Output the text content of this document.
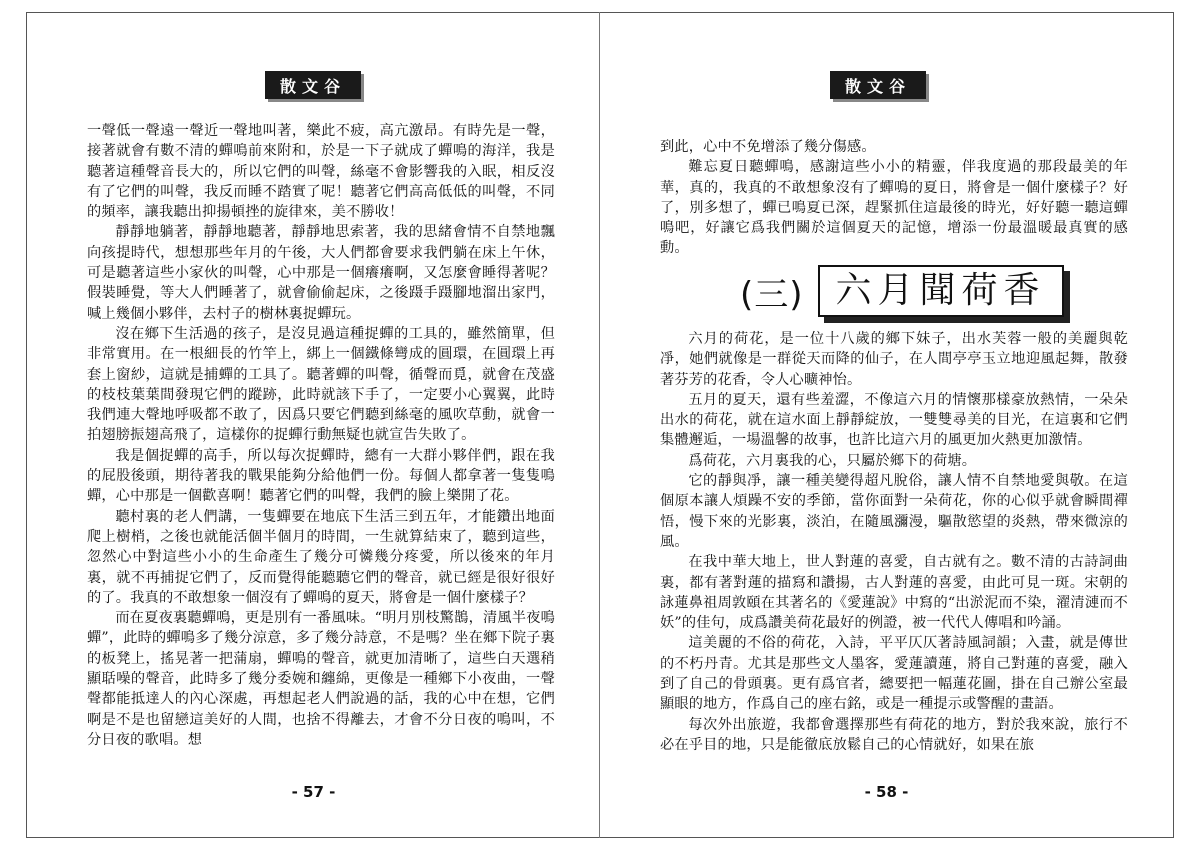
散文谷

一聲低一聲遠一聲近一聲地叫著，樂此不疲，高亢激昂。有時先是一聲，接著就會有數不清的蟬鳴前來附和，於是一下子就成了蟬鳴的海洋，我是聽著這種聲音長大的，所以它們的叫聲，絲毫不會影響我的入眠，相反沒有了它們的叫聲，我反而睡不踏實了呢！聽著它們高高低低的叫聲，不同的頻率，讓我聽出抑揚頓挫的旋律來，美不勝收！

靜靜地躺著，靜靜地聽著，靜靜地思索著，我的思緒會情不自禁地飄向孩提時代，想想那些年月的午後，大人們都會要求我們躺在床上午休，可是聽著這些小家伙的叫聲，心中那是一個癢癢啊，又怎麼會睡得著呢？假裝睡覺，等大人們睡著了，就會偷偷起床，之後蹑手蹑腳地溜出家門，喊上幾個小夥伴，去村子的樹林裏捉蟬玩。

沒在鄉下生活過的孩子，是沒見過這種捉蟬的工具的，雖然簡單，但非常實用。在一根細長的竹竿上，綁上一個鐵條彎成的圓環，在圓環上再套上窗紗，這就是捕蟬的工具了。聽著蟬的叫聲，循聲而覓，就會在茂盛的枝枝葉葉間發現它們的蹤跡，此時就該下手了，一定要小心翼翼，此時我們連大聲地呼吸都不敢了，因爲只要它們聽到絲毫的風吹草動，就會一拍翅膀振翅高飛了，這樣你的捉蟬行動無疑也就宣告失敗了。

我是個捉蟬的高手，所以每次捉蟬時，總有一大群小夥伴們，跟在我的屁股後頭，期待著我的戰果能夠分給他們一份。每個人都拿著一隻隻鳴蟬，心中那是一個歡喜啊！聽著它們的叫聲，我們的臉上樂開了花。

聽村裏的老人們講，一隻蟬要在地底下生活三到五年，才能鑽出地面爬上樹梢，之後也就能活個半個月的時間，一生就算結束了，聽到這些，忽然心中對這些小小的生命產生了幾分可憐幾分疼愛，所以後來的年月裏，就不再捕捉它們了，反而覺得能聽聽它們的聲音，就已經是很好很好的了。我真的不敢想象一個沒有了蟬鳴的夏天，將會是一個什麼樣子？

而在夏夜裏聽蟬鳴，更是別有一番風味。“明月別枝驚鵲，清風半夜鳴蟬”，此時的蟬鳴多了幾分涼意，多了幾分詩意，不是嗎？坐在鄉下院子裏的板凳上，搖晃著一把蒲扇，蟬鳴的聲音，就更加清晰了，這些白天選稍顯聒噪的聲音，此時多了幾分委婉和纏綿，更像是一種鄉下小夜曲，一聲聲都能抵達人的內心深處，再想起老人們說過的話，我的心中在想，它們啊是不是也留戀這美好的人間，也捨不得離去，才會不分日夜的鳴叫，不分日夜的歌唱。想

- 57 -
散文谷

到此，心中不免增添了幾分傷感。

難忘夏日聽蟬鳴，感謝這些小小的精靈，伴我度過的那段最美的年華，真的，我真的不敢想象沒有了蟬鳴的夏日，將會是一個什麼樣子？好了，別多想了，蟬已鳴夏已深，趕緊抓住這最後的時光，好好聽一聽這蟬鳴吧，好讓它爲我們關於這個夏天的記憶，增添一份最溫暖最真實的感動。

(三) 六月聞荷香

六月的荷花，是一位十八歲的鄉下妹子，出水芙蓉一般的美麗與乾凈，她們就像是一群從天而降的仙子，在人間亭亭玉立地迎風起舞，散發著芬芳的花香，令人心曠神怡。

五月的夏天，還有些羞澀，不像這六月的情懷那樣豪放熱情，一朵朵出水的荷花，就在這水面上靜靜綻放，一雙雙尋美的目光，在這裏和它們集體邂逅，一場溫馨的故事，也許比這六月的風更加火熱更加激情。

爲荷花，六月裏我的心，只屬於鄉下的荷塘。

它的靜與凈，讓一種美變得超凡脫俗，讓人情不自禁地愛與敬。在這個原本讓人煩躁不安的季節，當你面對一朵荷花，你的心似乎就會瞬間禪悟，慢下來的光影裏，淡泊，在隨風瀰漫，驅散慾望的炎熱，帶來微涼的風。

在我中華大地上，世人對蓮的喜愛，自古就有之。數不清的古詩詞曲裏，都有著對蓮的描寫和讚揚，古人對蓮的喜愛，由此可見一斑。宋朝的詠蓮鼻祖周敦頤在其著名的《愛蓮說》中寫的“出淤泥而不染，濯清漣而不妖”的佳句，成爲讚美荷花最好的例證，被一代代人傳唱和吟誦。

這美麗的不俗的荷花，入詩，平平仄仄著詩風詞韻；入畫，就是傳世的不朽丹青。尤其是那些文人墨客，愛蓮讀蓮，將自己對蓮的喜愛，融入到了自己的骨頭裏。更有爲官者，總要把一幅蓮花圖，掛在自己辦公室最顯眼的地方，作爲自己的座右銘，或是一種提示或警醒的畫語。

每次外出旅遊，我都會選擇那些有荷花的地方，對於我來說，旅行不必在乎目的地，只是能徹底放鬆自己的心情就好，如果在旅

- 58 -
